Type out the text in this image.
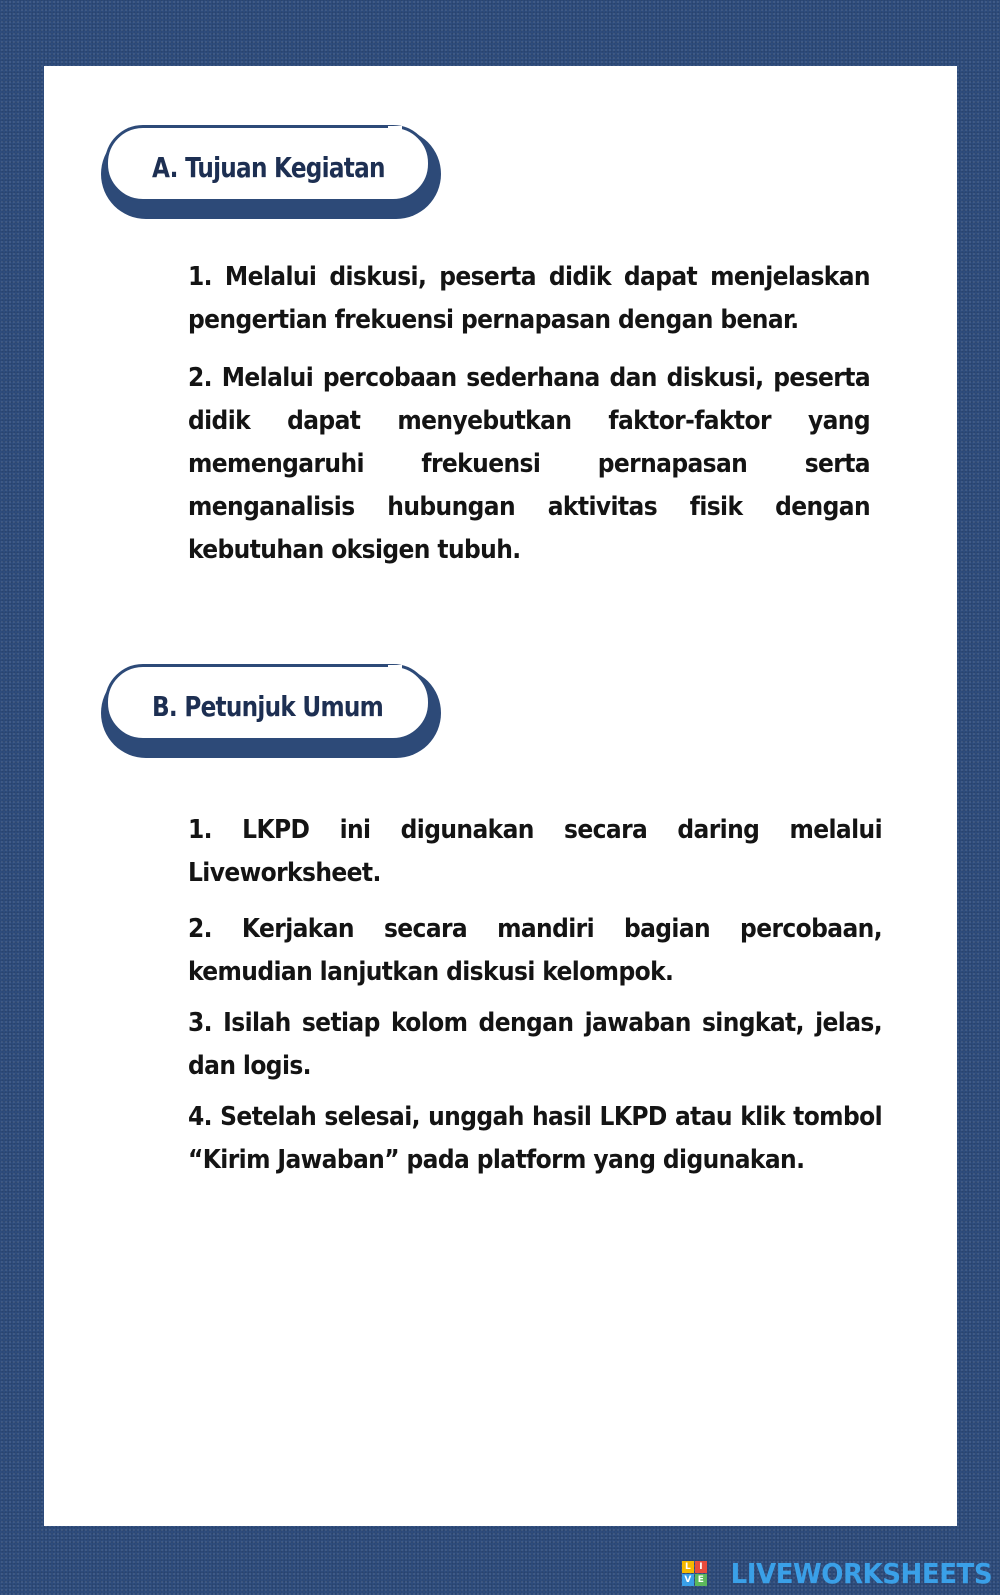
A. Tujuan Kegiatan
1. Melalui diskusi, peserta didik dapat menjelaskan pengertian frekuensi pernapasan dengan benar.
2. Melalui percobaan sederhana dan diskusi, peserta didik dapat menyebutkan faktor-faktor yang memengaruhi frekuensi pernapasan serta menganalisis hubungan aktivitas fisik dengan kebutuhan oksigen tubuh.
B. Petunjuk Umum
1. LKPD ini digunakan secara daring melalui Liveworksheet.
2. Kerjakan secara mandiri bagian percobaan, kemudian lanjutkan diskusi kelompok.
3. Isilah setiap kolom dengan jawaban singkat, jelas, dan logis.
4. Setelah selesai, unggah hasil LKPD atau klik tombol “Kirim Jawaban” pada platform yang digunakan.
L I
V E LIVEWORKSHEETS
